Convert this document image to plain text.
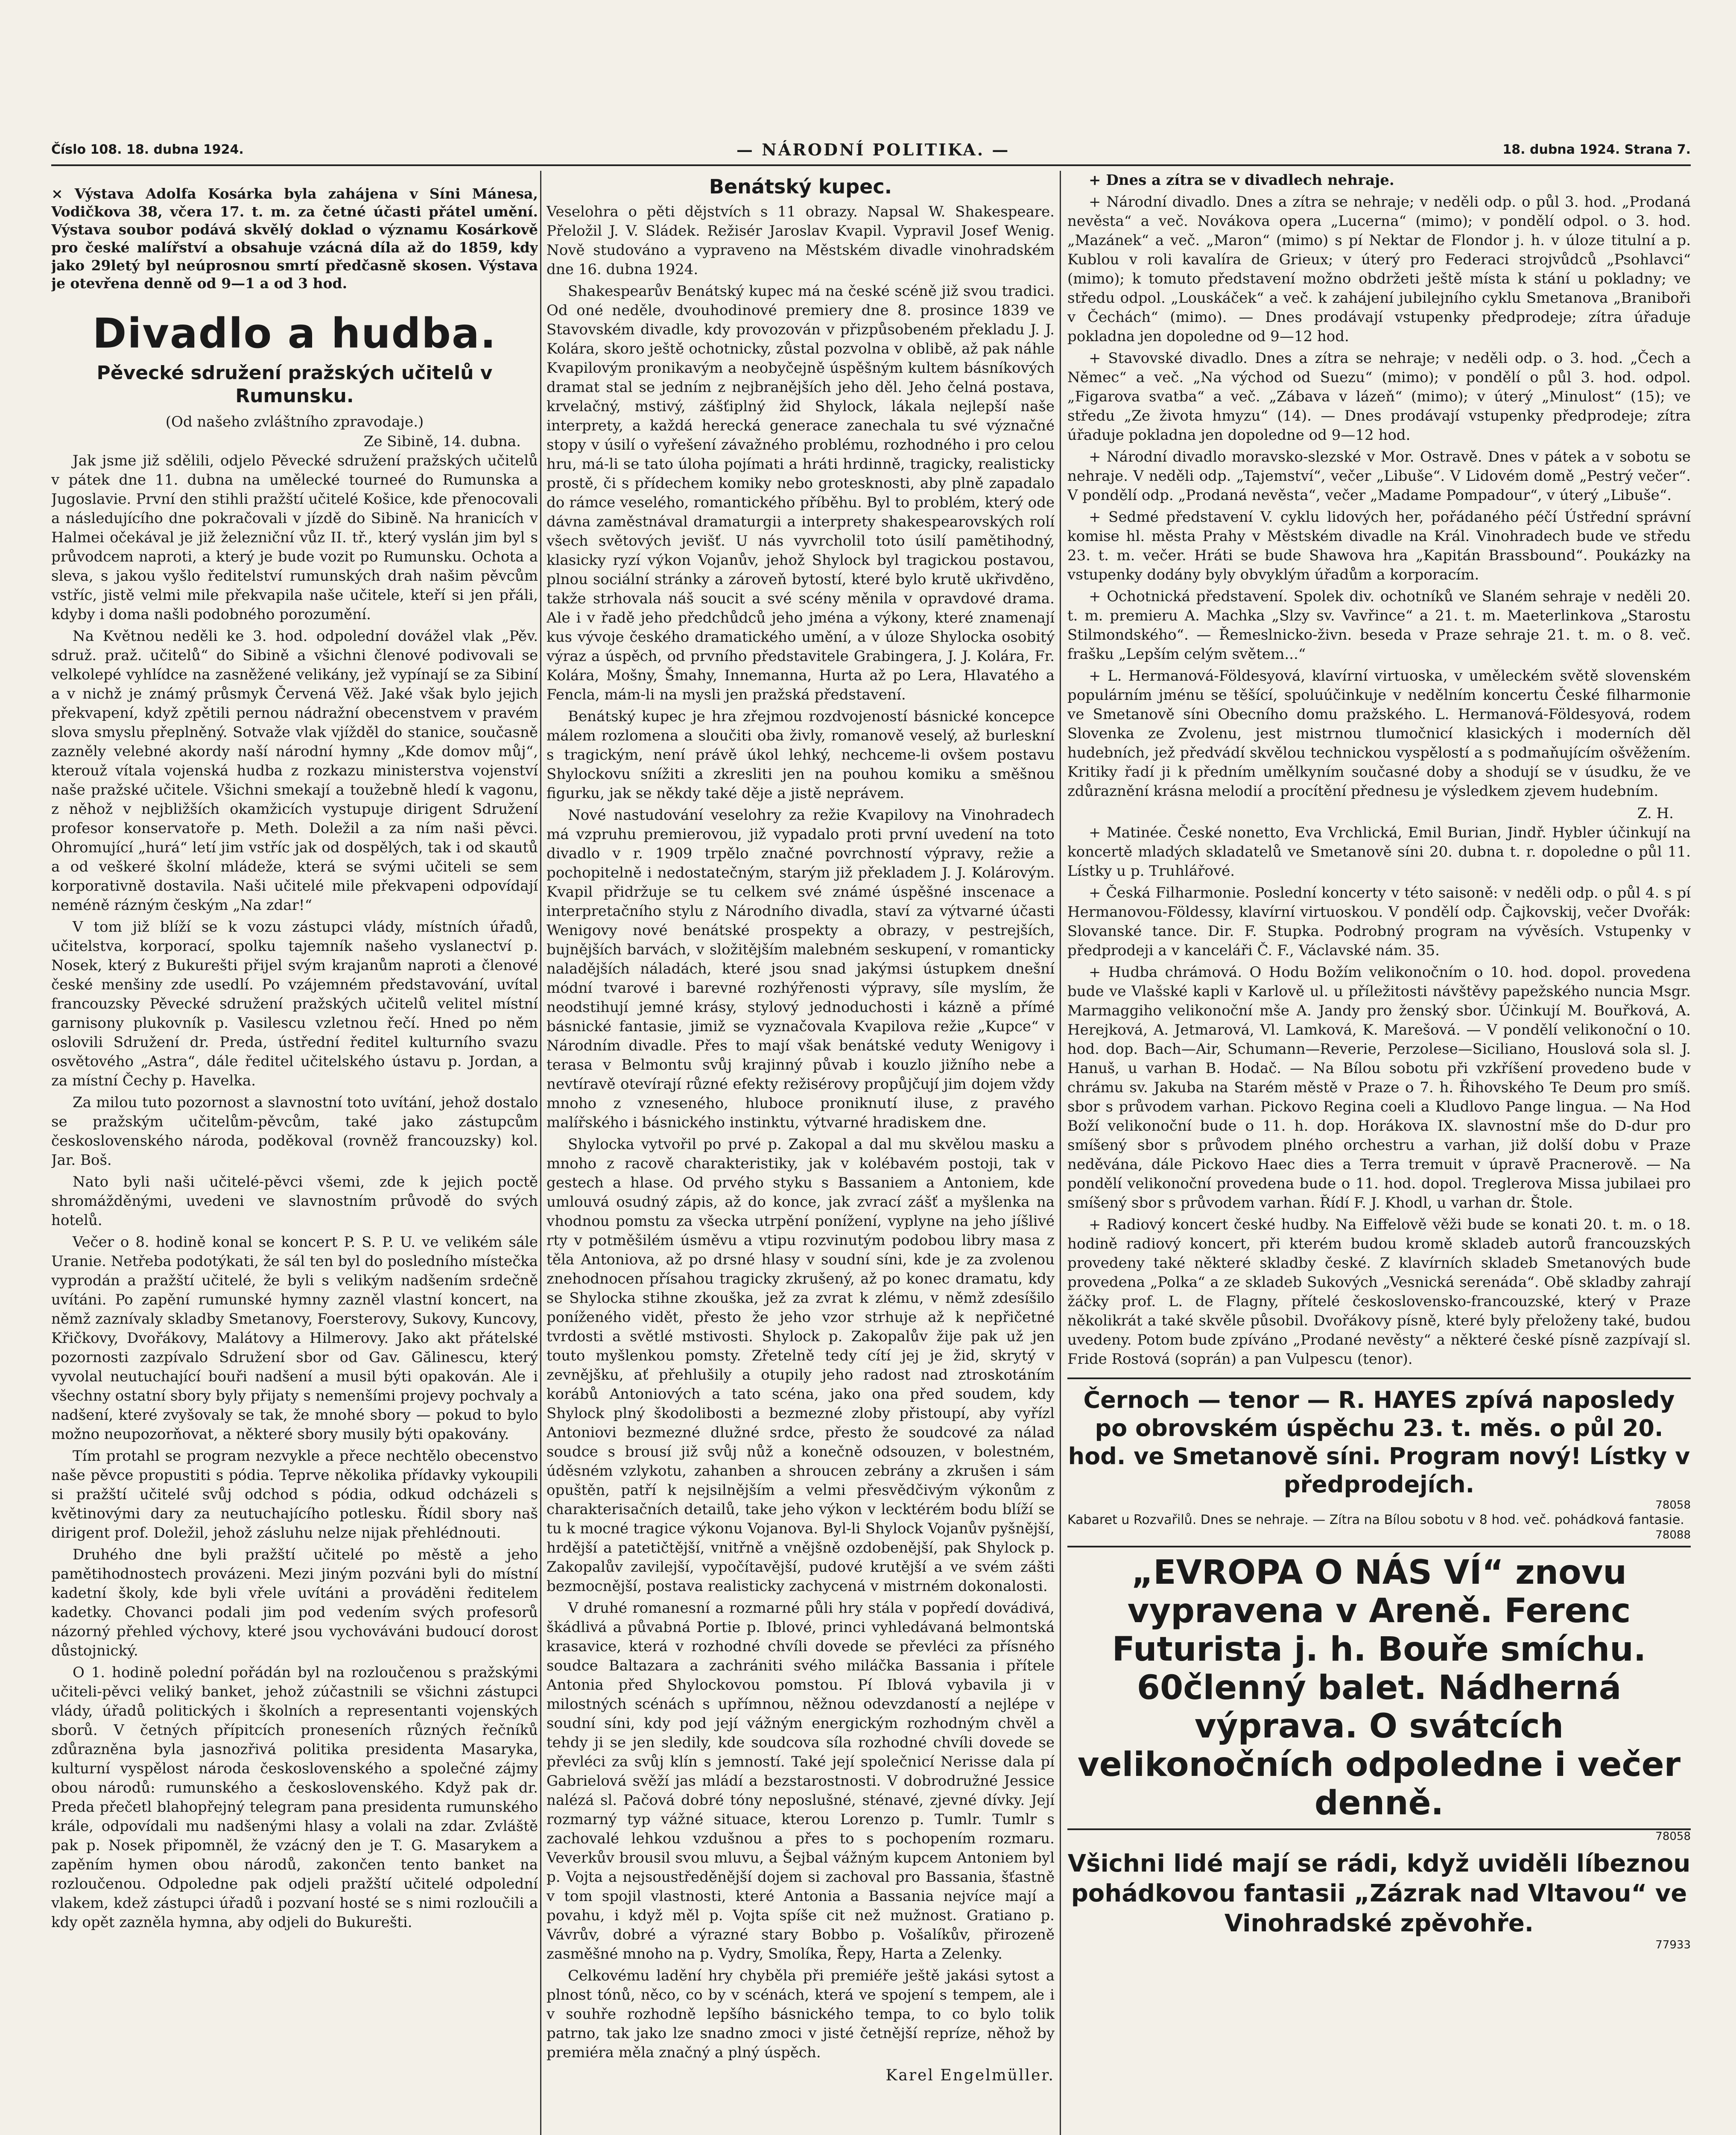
Číslo 108. 18. dubna 1924.	— NÁRODNÍ POLITIKA. —	18. dubna 1924. Strana 7.

× Výstava Adolfa Kosárka byla zahájena v Síni Mánesa, Vodičkova 38, včera 17. t. m. za četné účasti přátel umění. Výstava soubor podává skvělý doklad o významu Kosárkově pro české malířství a obsahuje vzácná díla až do 1859, kdy jako 29letý byl neúprosnou smrtí předčasně skosen. Výstava je otevřena denně od 9—1 a od 3 hod.

Divadlo a hudba.
Pěvecké sdružení pražských učitelů v Rumunsku.
(Od našeho zvláštního zpravodaje.)
Ze Sibině, 14. dubna.

Jak jsme již sdělili, odjelo Pěvecké sdružení pražských učitelů v pátek dne 11. dubna na umělecké tourneé do Rumunska a Jugoslavie. První den stihli pražští učitelé Košice, kde přenocovali a následujícího dne pokračovali v jízdě do Sibině. Na hranicích v Halmei očekával je již železniční vůz II. tř., který vyslán jim byl s průvodcem naproti, a který je bude vozit po Rumunsku. Ochota a sleva, s jakou vyšlo ředitelství rumunských drah našim pěvcům vstříc, jistě velmi mile překvapila naše učitele, kteří si jen přáli, kdyby i doma našli podobného porozumění.

Na Květnou neděli ke 3. hod. odpolední dovážel vlak „Pěv. sdruž. praž. učitelů“ do Sibině a všichni členové podivovali se velkolepé vyhlídce na zasněžené velikány, jež vypínají se za Sibiní a v nichž je známý průsmyk Červená Věž. Jaké však bylo jejich překvapení, když zpětili pernou nádražní obecenstvem v pravém slova smyslu přeplněný. Sotvaže vlak vjížděl do stanice, současně zazněly velebné akordy naší národní hymny „Kde domov můj“, kterouž vítala vojenská hudba z rozkazu ministerstva vojenství naše pražské učitele. Všichni smekají a toužebně hledí k vagonu, z něhož v nejbližších okamžicích vystupuje dirigent Sdružení profesor konservatoře p. Meth. Doležil a za ním naši pěvci. Ohromující „hurá“ letí jim vstříc jak od dospělých, tak i od skautů a od veškeré školní mládeže, která se svými učiteli se sem korporativně dostavila. Naši učitelé mile překvapeni odpovídají neméně rázným českým „Na zdar!“

V tom již blíží se k vozu zástupci vlády, místních úřadů, učitelstva, korporací, spolku tajemník našeho vyslanectví p. Nosek, který z Bukurešti přijel svým krajanům naproti a členové české menšiny zde usedlí. Po vzájemném představování, uvítal francouzsky Pěvecké sdružení pražských učitelů velitel místní garnisony plukovník p. Vasilescu vzletnou řečí. Hned po něm oslovili Sdružení dr. Preda, ústřední ředitel kulturního svazu osvětového „Astra“, dále ředitel učitelského ústavu p. Jordan, a za místní Čechy p. Havelka.

Za milou tuto pozornost a slavnostní toto uvítání, jehož dostalo se pražským učitelům-pěvcům, také jako zástupcům československého národa, poděkoval (rovněž francouzsky) kol. Jar. Boš.

Nato byli naši učitelé-pěvci všemi, zde k jejich poctě shromážděnými, uvedeni ve slavnostním průvodě do svých hotelů.

Večer o 8. hodině konal se koncert P. S. P. U. ve velikém sále Uranie. Netřeba podotýkati, že sál ten byl do posledního místečka vyprodán a pražští učitelé, že byli s velikým nadšením srdečně uvítáni. Po zapění rumunské hymny zazněl vlastní koncert, na němž zaznívaly skladby Smetanovy, Foersterovy, Sukovy, Kuncovy, Křičkovy, Dvořákovy, Malátovy a Hilmerovy. Jako akt přátelské pozornosti zazpívalo Sdružení sbor od Gav. Gălinescu, který vyvolal neutuchající bouři nadšení a musil býti opakován. Ale i všechny ostatní sbory byly přijaty s nemenšími projevy pochvaly a nadšení, které zvyšovaly se tak, že mnohé sbory — pokud to bylo možno neupozorňovat, a některé sbory musily býti opakovány.

Tím protahl se program nezvykle a přece nechtělo obecenstvo naše pěvce propustiti s pódia. Teprve několika přídavky vykoupili si pražští učitelé svůj odchod s pódia, odkud odcházeli s květinovými dary za neutuchajícího potlesku. Řídil sbory naš dirigent prof. Doležil, jehož zásluhu nelze nijak přehlédnouti.

Druhého dne byli pražští učitelé po městě a jeho pamětihodnostech provázeni. Mezi jiným pozváni byli do místní kadetní školy, kde byli vřele uvítáni a prováděni ředitelem kadetky. Chovanci podali jim pod vedením svých profesorů názorný přehled výchovy, které jsou vychováváni budoucí dorost důstojnický.

O 1. hodině polední pořádán byl na rozloučenou s pražskými učiteli-pěvci veliký banket, jehož zúčastnili se všichni zástupci vlády, úřadů politických i školních a representanti vojenských sborů. V četných přípitcích proneseních různých řečníků zdůrazněna byla jasnozřivá politika presidenta Masaryka, kulturní vyspělost národa československého a společné zájmy obou národů: rumunského a československého. Když pak dr. Preda přečetl blahopřejný telegram pana presidenta rumunského krále, odpovídali mu nadšenými hlasy a volali na zdar. Zvláště pak p. Nosek připomněl, že vzácný den je T. G. Masarykem a zapěním hymen obou národů, zakončen tento banket na rozloučenou. Odpoledne pak odjeli pražští učitelé odpolední vlakem, kdež zástupci úřadů i pozvaní hosté se s nimi rozloučili a kdy opět zazněla hymna, aby odjeli do Bukurešti.

Benátský kupec.

Veselohra o pěti dějstvích s 11 obrazy. Napsal W. Shakespeare. Přeložil J. V. Sládek. Režisér Jaroslav Kvapil. Vypravil Josef Wenig. Nově studováno a vypraveno na Městském divadle vinohradském dne 16. dubna 1924.

Shakespearův Benátský kupec má na české scéně již svou tradici. Od oné neděle, dvouhodinové premiery dne 8. prosince 1839 ve Stavovském divadle, kdy provozován v přizpůsobeném překladu J. J. Kolára, skoro ještě ochotnicky, zůstal pozvolna v oblibě, až pak náhle Kvapilovým pronikavým a neobyčejně úspěšným kultem básníkových dramat stal se jedním z nejbranějších jeho děl. Jeho čelná postava, krvelačný, mstivý, zášťiplný žid Shylock, lákala nejlepší naše interprety, a každá herecká generace zanechala tu své význačné stopy v úsilí o vyřešení závažného problému, rozhodného i pro celou hru, má-li se tato úloha pojímati a hráti hrdinně, tragicky, realisticky prostě, či s přídechem komiky nebo grotesknosti, aby plně zapadalo do rámce veselého, romantického příběhu. Byl to problém, který ode dávna zaměstnával dramaturgii a interprety shakespearovských rolí všech světových jevišť. U nás vyvrcholil toto úsilí pamětihodný, klasicky ryzí výkon Vojanův, jehož Shylock byl tragickou postavou, plnou sociální stránky a zároveň bytostí, které bylo krutě ukřivděno, takže strhovala náš soucit a své scény měnila v opravdové drama. Ale i v řadě jeho předchůdců jeho jména a výkony, které znamenají kus vývoje českého dramatického umění, a v úloze Shylocka osobitý výraz a úspěch, od prvního představitele Grabingera, J. J. Kolára, Fr. Kolára, Mošny, Šmahy, Innemanna, Hurta až po Lera, Hlavatého a Fencla, mám-li na mysli jen pražská představení.

Benátský kupec je hra zřejmou rozdvojeností básnické koncepce málem rozlomena a sloučiti oba živly, romanově veselý, až burleskní s tragickým, není právě úkol lehký, nechceme-li ovšem postavu Shylockovu snížiti a zkresliti jen na pouhou komiku a směšnou figurku, jak se někdy také děje a jistě neprávem.

Nové nastudování veselohry za režie Kvapilovy na Vinohradech má vzpruhu premierovou, již vypadalo proti první uvedení na toto divadlo v r. 1909 trpělo značné povrchností výpravy, režie a pochopitelně i nedostatečným, starým již překladem J. J. Kolárovým. Kvapil přidržuje se tu celkem své známé úspěšné inscenace a interpretačního stylu z Národního divadla, staví za výtvarné účasti Wenigovy nové benátské prospekty a obrazy, v pestrejších, bujnějších barvách, v složitějším malebném seskupení, v romanticky naladějších náladách, které jsou snad jakýmsi ústupkem dnešní módní tvarové i barevné rozhýřenosti výpravy, síle myslím, že neodstihují jemné krásy, stylový jednoduchosti i kázně a přímé básnické fantasie, jimiž se vyznačovala Kvapilova režie „Kupce“ v Národním divadle. Přes to mají však benátské veduty Wenigovy i terasa v Belmontu svůj krajinný půvab i kouzlo jižního nebe a nevtíravě otevírají různé efekty režisérovy propůjčují jim dojem vždy mnoho z vzneseného, hluboce proniknutí iluse, z pravého malířského i básnického instinktu, výtvarné hradiskem dne.

Shylocka vytvořil po prvé p. Zakopal a dal mu skvělou masku a mnoho z racově charakteristiky, jak v kolébavém postoji, tak v gestech a hlase. Od prvého styku s Bassaniem a Antoniem, kde umlouvá osudný zápis, až do konce, jak zvrací zášť a myšlenka na vhodnou pomstu za všecka utrpění ponížení, vyplyne na jeho jíšlivé rty v potměšilém úsměvu a vtipu rozvinutým podobou libry masa z těla Antoniova, až po drsné hlasy v soudní síni, kde je za zvolenou znehodnocen přísahou tragicky zkrušený, až po konec dramatu, kdy se Shylocka stihne zkouška, jež za zvrat k zlému, v němž zdesíšilo poníženého vidět, přesto že jeho vzor strhuje až k nepřičetné tvrdosti a světlé mstivosti. Shylock p. Zakopalův žije pak už jen touto myšlenkou pomsty. Zřetelně tedy cítí jej je žid, skrytý v zevnějšku, ať přehlušily a otupily jeho radost nad ztroskotáním korábů Antoniových a tato scéna, jako ona před soudem, kdy Shylock plný škodolibosti a bezmezné zloby přistoupí, aby vyřízl Antoniovi bezmezné dlužné srdce, přesto že soudcové za nálad soudce s brousí již svůj nůž a konečně odsouzen, v bolestném, úděsném vzlykotu, zahanben a shroucen zebrány a zkrušen i sám opuštěn, patří k nejsilnějším a velmi přesvědčivým výkonům z charakterisačních detailů, take jeho výkon v lecktérém bodu blíží se tu k mocné tragice výkonu Vojanova. Byl-li Shylock Vojanův pyšnější, hrdější a patetičtější, vnitřně a vnějšně ozdobenější, pak Shylock p. Zakopalův zavilejší, vypočítavější, pudové krutější a ve svém zášti bezmocnější, postava realisticky zachycená v mistrném dokonalosti.

V druhé romanesní a rozmarné půli hry stála v popředí dovádivá, škádlivá a půvabná Portie p. Iblové, princi vyhledávaná belmontská krasavice, která v rozhodné chvíli dovede se převléci za přísného soudce Baltazara a zachrániti svého miláčka Bassania i přítele Antonia před Shylockovou pomstou. Pí Iblová vybavila ji v milostných scénách s upřímnou, něžnou odevzdaností a nejlépe v soudní síni, kdy pod její vážným energickým rozhodným chvěl a tehdy ji se jen sledily, kde soudcova síla rozhodné chvíli dovede se převléci za svůj klín s jemností. Také její společnicí Nerisse dala pí Gabrielová svěží jas mládí a bezstarostnosti. V dobrodružné Jessice nalézá sl. Pačová dobré tóny neposlušné, sténavé, zjevné dívky. Její rozmarný typ vážné situace, kterou Lorenzo p. Tumlr. Tumlr s zachovalé lehkou vzdušnou a přes to s pochopením rozmaru. Veverkův brousil svou mluvu, a Šejbal vážným kupcem Antoniem byl p. Vojta a nejsoustředěnější dojem si zachoval pro Bassania, šťastně v tom spojil vlastnosti, které Antonia a Bassania nejvíce mají a povahu, i když měl p. Vojta spíše cit než mužnost. Gratiano p. Vávrův, dobré a výrazné stary Bobbo p. Vošalíkův, přirozeně zasměšné mnoho na p. Vydry, Smolíka, Řepy, Harta a Zelenky.

Celkovému ladění hry chyběla při premiéře ještě jakási sytost a plnost tónů, něco, co by v scénách, která ve spojení s tempem, ale i v souhře rozhodně lepšího básnického tempa, to co bylo tolik patrno, tak jako lze snadno zmoci v jisté četnější repríze, něhož by premiéra měla značný a plný úspěch.

Karel Engelmüller.

+ Dnes a zítra se v divadlech nehraje.

+ Národní divadlo. Dnes a zítra se nehraje; v neděli odp. o půl 3. hod. „Prodaná nevěsta“ a več. Novákova opera „Lucerna“ (mimo); v pondělí odpol. o 3. hod. „Mazánek“ a več. „Maron“ (mimo) s pí Nektar de Flondor j. h. v úloze titulní a p. Kublou v roli kavalíra de Grieux; v úterý pro Federaci strojvůdců „Psohlavci“ (mimo); k tomuto představení možno obdržeti ještě místa k stání u pokladny; ve středu odpol. „Louskáček“ a več. k zahájení jubilejního cyklu Smetanova „Braniboři v Čechách“ (mimo). — Dnes prodávají vstupenky předprodeje; zítra úřaduje pokladna jen dopoledne od 9—12 hod.

+ Stavovské divadlo. Dnes a zítra se nehraje; v neděli odp. o 3. hod. „Čech a Němec“ a več. „Na východ od Suezu“ (mimo); v pondělí o půl 3. hod. odpol. „Figarova svatba“ a več. „Zábava v lázeň“ (mimo); v úterý „Minulost“ (15); ve středu „Ze života hmyzu“ (14). — Dnes prodávají vstupenky předprodeje; zítra úřaduje pokladna jen dopoledne od 9—12 hod.

+ Národní divadlo moravsko-slezské v Mor. Ostravě. Dnes v pátek a v sobotu se nehraje. V neděli odp. „Tajemství“, večer „Libuše“. V Lidovém domě „Pestrý večer“. V pondělí odp. „Prodaná nevěsta“, večer „Madame Pompadour“, v úterý „Libuše“.

+ Sedmé představení V. cyklu lidových her, pořádaného péčí Ústřední správní komise hl. města Prahy v Městském divadle na Král. Vinohradech bude ve středu 23. t. m. večer. Hráti se bude Shawova hra „Kapitán Brassbound“. Poukázky na vstupenky dodány byly obvyklým úřadům a korporacím.

+ Ochotnická představení. Spolek div. ochotníků ve Slaném sehraje v neděli 20. t. m. premieru A. Machka „Slzy sv. Vavřince“ a 21. t. m. Maeterlinkova „Starostu Stilmondského“. — Řemeslnicko-živn. beseda v Praze sehraje 21. t. m. o 8. več. frašku „Lepším celým světem...“

+ L. Hermanová-Földesyová, klavírní virtuoska, v uměleckém světě slovenském populárním jménu se těšící, spoluúčinkuje v nedělním koncertu České filharmonie ve Smetanově síni Obecního domu pražského. L. Hermanová-Földesyová, rodem Slovenka ze Zvolenu, jest mistrnou tlumočnicí klasických i moderních děl hudebních, jež předvádí skvělou technickou vyspělostí a s podmaňujícím ošvěžením. Kritiky řadí ji k předním umělkyním současné doby a shodují se v úsudku, že ve zdůraznění krásna melodií a procítění přednesu je výsledkem zjevem hudebním.

Z. H.

+ Matinée. České nonetto, Eva Vrchlická, Emil Burian, Jindř. Hybler účinkují na koncertě mladých skladatelů ve Smetanově síni 20. dubna t. r. dopoledne o půl 11. Lístky u p. Truhlářové.

+ Česká Filharmonie. Poslední koncerty v této saisoně: v neděli odp. o půl 4. s pí Hermanovou-Földessy, klavírní virtuoskou. V pondělí odp. Čajkovskij, večer Dvořák: Slovanské tance. Dir. F. Stupka. Podrobný program na vývěsích. Vstupenky v předprodeji a v kanceláři Č. F., Václavské nám. 35.

+ Hudba chrámová. O Hodu Božím velikonočním o 10. hod. dopol. provedena bude ve Vlašské kapli v Karlově ul. u příležitosti návštěvy papežského nuncia Msgr. Marmaggiho velikonoční mše A. Jandy pro ženský sbor. Účinkují M. Bouřková, A. Herejková, A. Jetmarová, Vl. Lamková, K. Marešová. — V pondělí velikonoční o 10. hod. dop. Bach—Air, Schumann—Reverie, Perzolese—Siciliano, Houslová sola sl. J. Hanuš, u varhan B. Hodač. — Na Bílou sobotu při vzkříšení provedeno bude v chrámu sv. Jakuba na Starém městě v Praze o 7. h. Řihovského Te Deum pro smíš. sbor s průvodem varhan. Pickovo Regina coeli a Kludlovo Pange lingua. — Na Hod Boží velikonoční bude o 11. h. dop. Horákova IX. slavnostní mše do D-dur pro smíšený sbor s průvodem plného orchestru a varhan, již dolší dobu v Praze neděvána, dále Pickovo Haec dies a Terra tremuit v úpravě Pracnerově. — Na pondělí velikonoční provedena bude o 11. hod. dopol. Treglerova Missa jubilaei pro smíšený sbor s průvodem varhan. Řídí F. J. Khodl, u varhan dr. Štole.

+ Radiový koncert české hudby. Na Eiffelově věži bude se konati 20. t. m. o 18. hodině radiový koncert, při kterém budou kromě skladeb autorů francouzských provedeny také některé skladby české. Z klavírních skladeb Smetanových bude provedena „Polka“ a ze skladeb Sukových „Vesnická serenáda“. Obě skladby zahrají žáčky prof. L. de Flagny, přítelé československo-francouzské, který v Praze několikrát a také skvěle působil. Dvořákovy písně, které byly přeloženy také, budou uvedeny. Potom bude zpíváno „Prodané nevěsty“ a některé české písně zazpívají sl. Fride Rostová (soprán) a pan Vulpescu (tenor).

Černoch — tenor — R. HAYES zpívá naposledy po obrovském úspěchu 23. t. měs. o půl 20. hod. ve Smetanově síni. Program nový! Lístky v předprodejích.
78058
Kabaret u Rozvařilů. Dnes se nehraje. — Zítra na Bílou sobotu v 8 hod. več. pohádková fantasie.
78088
„EVROPA O NÁS VÍ“ znovu vypravena v Areně. Ferenc Futurista j. h. Bouře smíchu. 60členný balet. Nádherná výprava. O svátcích velikonočních odpoledne i večer denně.
78058
Všichni lidé mají se rádi, když uviděli líbeznou pohádkovou fantasii „Zázrak nad Vltavou“ ve Vinohradské zpěvohře.
77933
